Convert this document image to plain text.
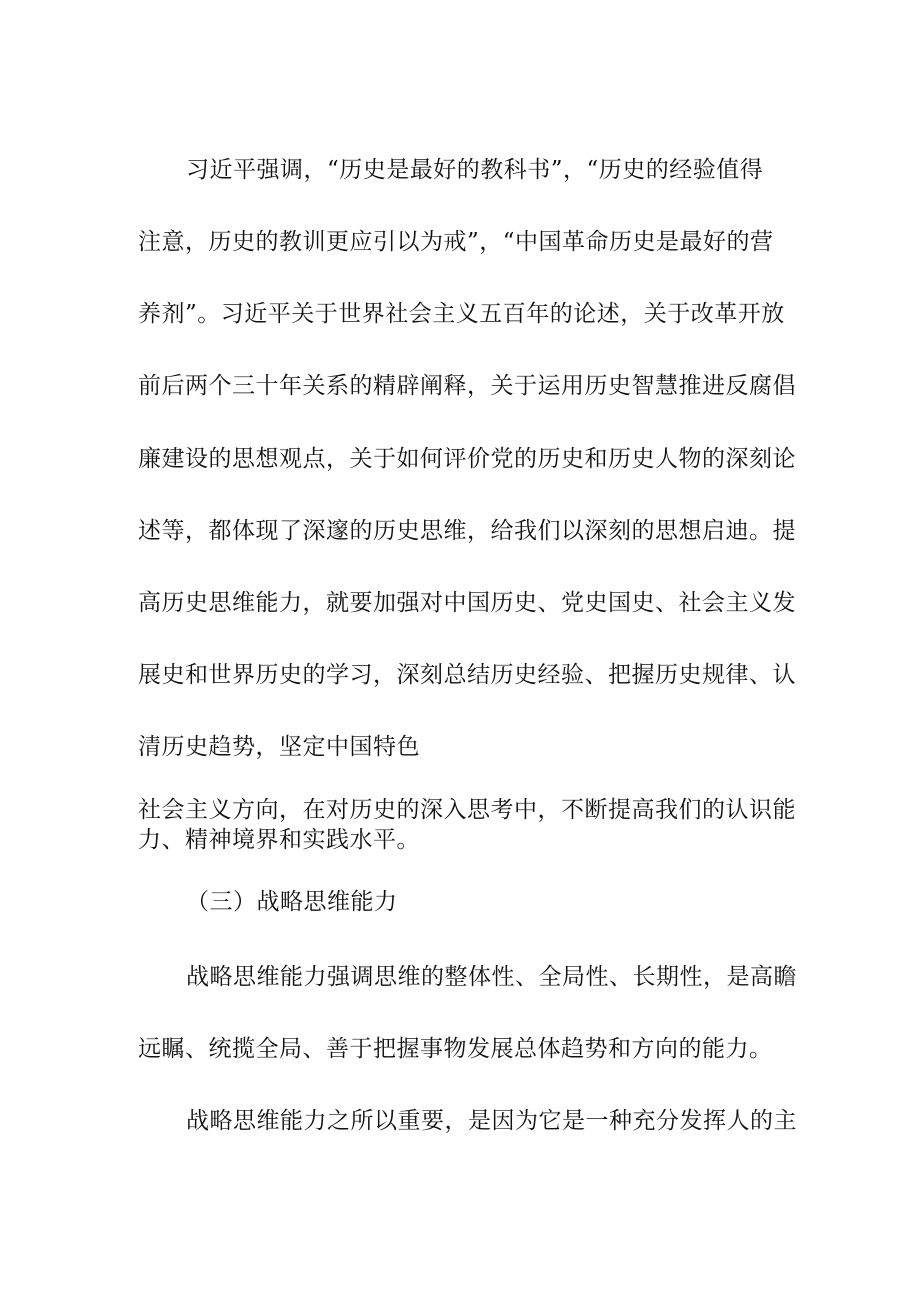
习近平强调，“历史是最好的教科书”，“历史的经验值得
注意，历史的教训更应引以为戒”，“中国革命历史是最好的营
养剂”。习近平关于世界社会主义五百年的论述，关于改革开放
前后两个三十年关系的精辟阐释，关于运用历史智慧推进反腐倡
廉建设的思想观点，关于如何评价党的历史和历史人物的深刻论
述等，都体现了深邃的历史思维，给我们以深刻的思想启迪。提
高历史思维能力，就要加强对中国历史、党史国史、社会主义发
展史和世界历史的学习，深刻总结历史经验、把握历史规律、认
清历史趋势，坚定中国特色
社会主义方向，在对历史的深入思考中，不断提高我们的认识能
力、精神境界和实践水平。
（三）战略思维能力
战略思维能力强调思维的整体性、全局性、长期性，是高瞻
远瞩、统揽全局、善于把握事物发展总体趋势和方向的能力。
战略思维能力之所以重要，是因为它是一种充分发挥人的主
